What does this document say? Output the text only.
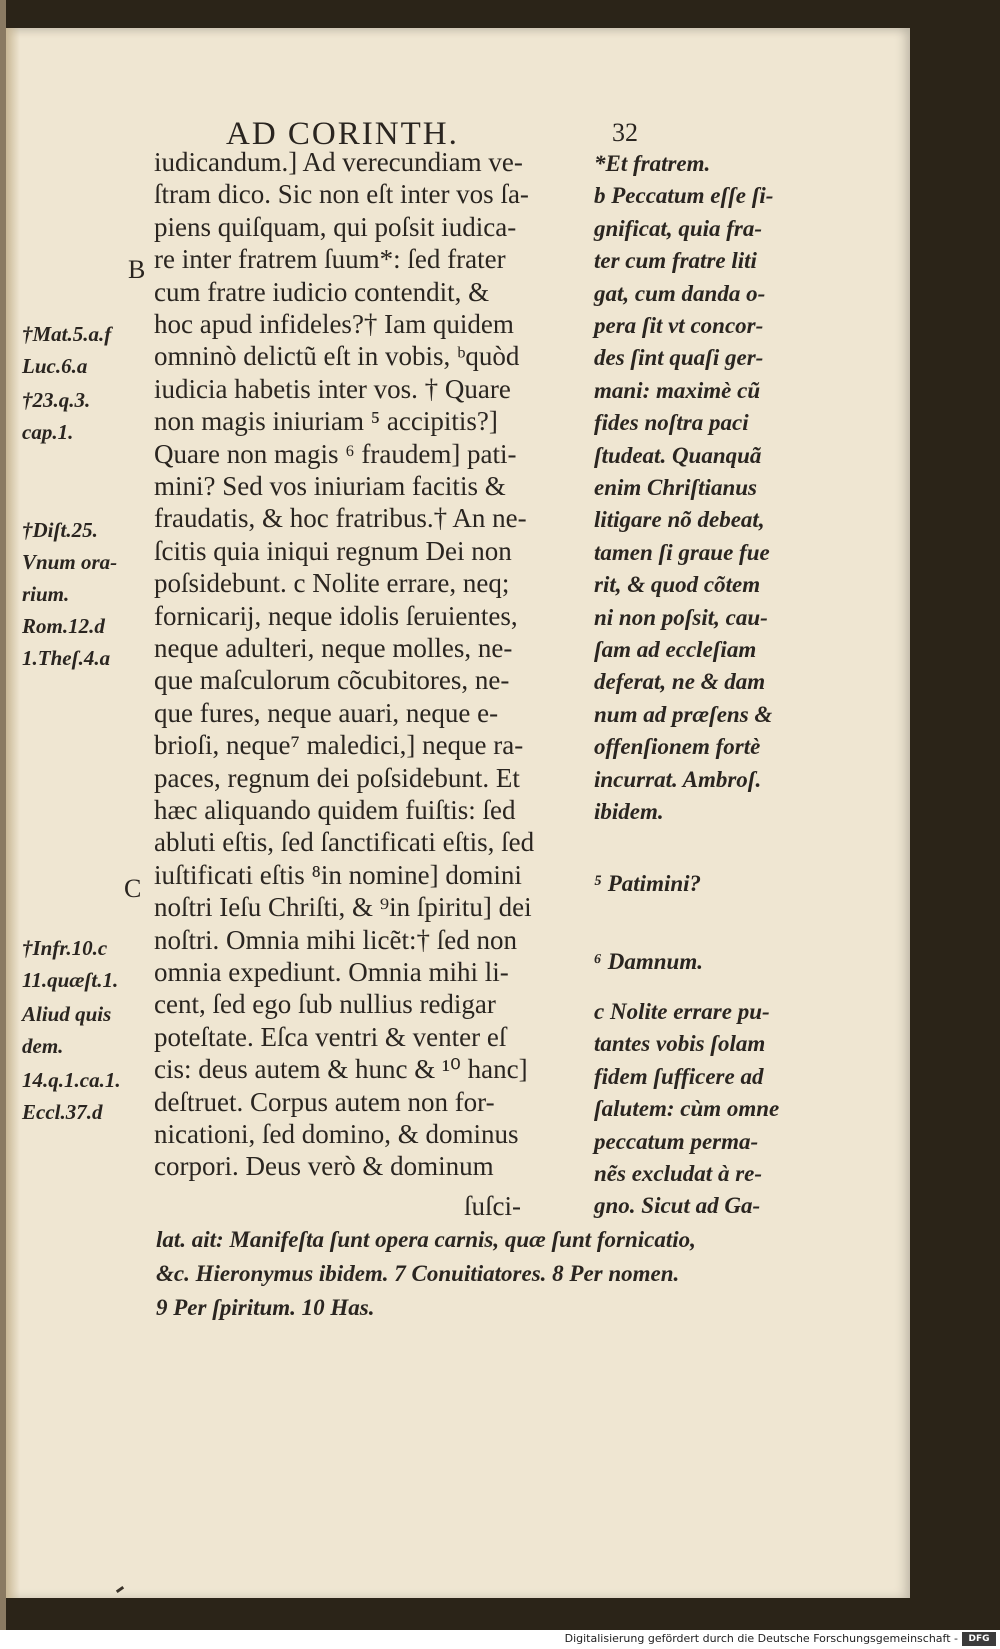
AD CORINTH.	32
iudicandum.] Ad verecundiam ve-
ſtram dico. Sic non eſt inter vos ſa-
piens quiſquam, qui poſsit iudica-
re inter fratrem ſuum*: ſed frater
cum fratre iudicio contendit, &
hoc apud infideles?† Iam quidem
omninò delictũ eſt in vobis, ᵇquòd
iudicia habetis inter vos. † Quare
non magis iniuriam ⁵ accipitis?]
Quare non magis ⁶ fraudem] pati-
mini? Sed vos iniuriam facitis &
fraudatis, & hoc fratribus.† An ne-
ſcitis quia iniqui regnum Dei non
poſsidebunt. c Nolite errare, neq;
fornicarij, neque idolis ſeruientes,
neque adulteri, neque molles, ne-
que maſculorum cõcubitores, ne-
que fures, neque auari, neque e-
brioſi, neque⁷ maledici,] neque ra-
paces, regnum dei poſsidebunt. Et
hæc aliquando quidem fuiſtis: ſed
abluti eſtis, ſed ſanctificati eſtis, ſed
iuſtificati eſtis ⁸in nomine] domini
noſtri Ieſu Chriſti, & ⁹in ſpiritu] dei
noſtri. Omnia mihi licẽt:† ſed non
omnia expediunt. Omnia mihi li-
cent, ſed ego ſub nullius redigar
poteſtate. Eſca ventri & venter eſ
cis: deus autem & hunc & ¹⁰ hanc]
deſtruet. Corpus autem non for-
nicationi, ſed domino, & dominus
corpori. Deus verò & dominum
ſuſci-
*Et fratrem.
b Peccatum eſſe ſi-
gnificat, quia fra-
ter cum fratre liti
gat, cum danda o-
pera ſit vt concor-
des ſint quaſi ger-
mani: maximè cũ
fides noſtra paci
ſtudeat. Quanquã
enim Chriſtianus
litigare nõ debeat,
tamen ſi graue fue
rit, & quod cõtem
ni non poſsit, cau-
ſam ad eccleſiam
deferat, ne & dam
num ad præſens &
offenſionem fortè
incurrat. Ambroſ.
ibidem.
⁵ Patimini?
⁶ Damnum.
c Nolite errare pu-
tantes vobis ſolam
fidem ſufficere ad
ſalutem: cùm omne
peccatum perma-
nẽs excludat à re-
gno. Sicut ad Ga-
†Mat.5.a.f
Luc.6.a
†23.q.3.
cap.1.
†Diſt.25.
Vnum ora-
rium.
Rom.12.d
1.Theſ.4.a
†Infr.10.c
11.quæſt.1.
Aliud quis
dem.
14.q.1.ca.1.
Eccl.37.d
lat. ait: Manifeſta ſunt opera carnis, quæ ſunt fornicatio,
&c. Hieronymus ibidem. 7 Conuitiatores. 8 Per nomen.
9 Per ſpiritum. 10 Has.
B
C
Digitalisierung gefördert durch die Deutsche Forschungsgemeinschaft -	DFG
